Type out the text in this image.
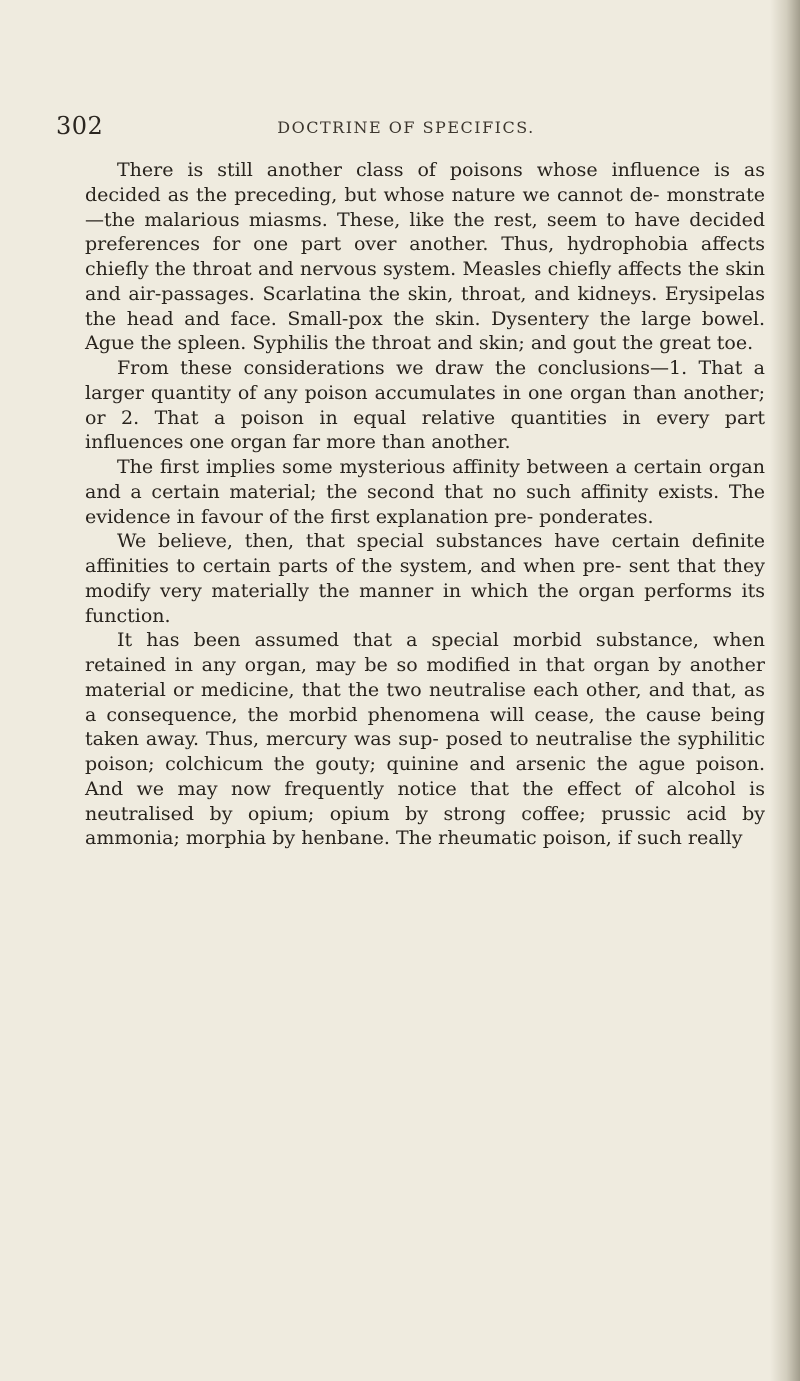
302	DOCTRINE OF SPECIFICS.

There is still another class of poisons whose influence is as decided as the preceding, but whose nature we cannot de- monstrate—the malarious miasms. These, like the rest, seem to have decided preferences for one part over another. Thus, hydrophobia affects chiefly the throat and nervous system. Measles chiefly affects the skin and air-passages. Scarlatina the skin, throat, and kidneys. Erysipelas the head and face. Small-pox the skin. Dysentery the large bowel. Ague the spleen. Syphilis the throat and skin; and gout the great toe.

From these considerations we draw the conclusions—1. That a larger quantity of any poison accumulates in one organ than another; or 2. That a poison in equal relative quantities in every part influences one organ far more than another.

The first implies some mysterious affinity between a certain organ and a certain material; the second that no such affinity exists. The evidence in favour of the first explanation pre- ponderates.

We believe, then, that special substances have certain definite affinities to certain parts of the system, and when pre- sent that they modify very materially the manner in which the organ performs its function.

It has been assumed that a special morbid substance, when retained in any organ, may be so modified in that organ by another material or medicine, that the two neutralise each other, and that, as a consequence, the morbid phenomena will cease, the cause being taken away. Thus, mercury was sup- posed to neutralise the syphilitic poison; colchicum the gouty; quinine and arsenic the ague poison. And we may now frequently notice that the effect of alcohol is neutralised by opium; opium by strong coffee; prussic acid by ammonia; morphia by henbane. The rheumatic poison, if such really
